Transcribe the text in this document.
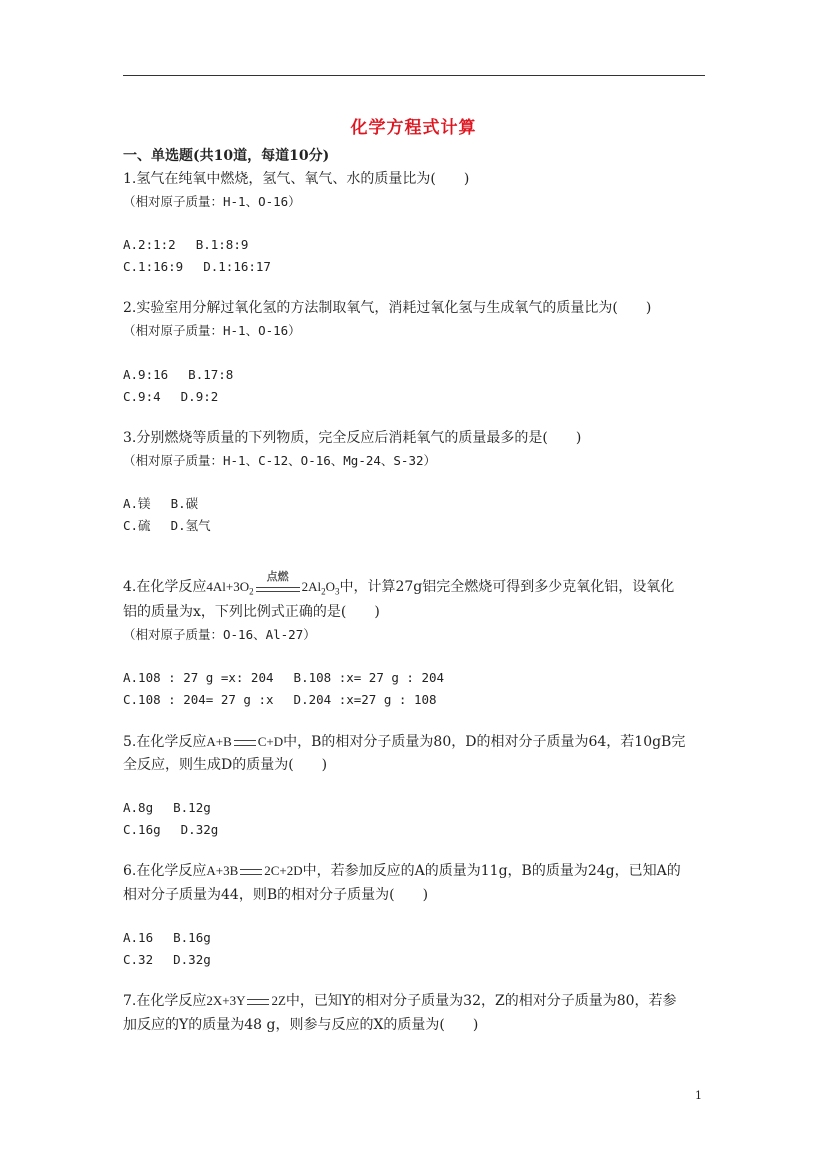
化学方程式计算
一、单选题(共10道，每道10分)
1.氢气在纯氧中燃烧，氢气、氧气、水的质量比为(　　)
（相对原子质量：H-1、O-16）
A.2:1:2　 B.1:8:9
C.1:16:9　 D.1:16:17
2.实验室用分解过氧化氢的方法制取氧气，消耗过氧化氢与生成氧气的质量比为(　　)
（相对原子质量：H-1、O-16）
A.9:16　 B.17:8
C.9:4　 D.9:2
3.分别燃烧等质量的下列物质，完全反应后消耗氧气的质量最多的是(　　)
（相对原子质量：H-1、C-12、O-16、Mg-24、S-32）
A.镁　 B.碳
C.硫　 D.氢气
4.在化学反应$4Al+3O_2$
点燃
$2Al_2O_3$中，计算27g铝完全燃烧可得到多少克氧化铝，设氧化
铝的质量为x，下列比例式正确的是(　　)
（相对原子质量：O-16、Al-27）
A.108 : 27 g =x: 204　 B.108 :x= 27 g : 204
C.108 : 204= 27 g :x　 D.204 :x=27 g : 108
5.在化学反应A+B C+D中，B的相对分子质量为80，D的相对分子质量为64，若10gB完
全反应，则生成D的质量为(　　)
A.8g　 B.12g
C.16g　 D.32g
6.在化学反应A+3B 2C+2D中，若参加反应的A的质量为11g，B的质量为24g，已知A的
相对分子质量为44，则B的相对分子质量为(　　)
A.16　 B.16g
C.32　 D.32g
7.在化学反应2X+3Y 2Z中，已知Y的相对分子质量为32，Z的相对分子质量为80，若参
加反应的Y的质量为48 g，则参与反应的X的质量为(　　)
1
